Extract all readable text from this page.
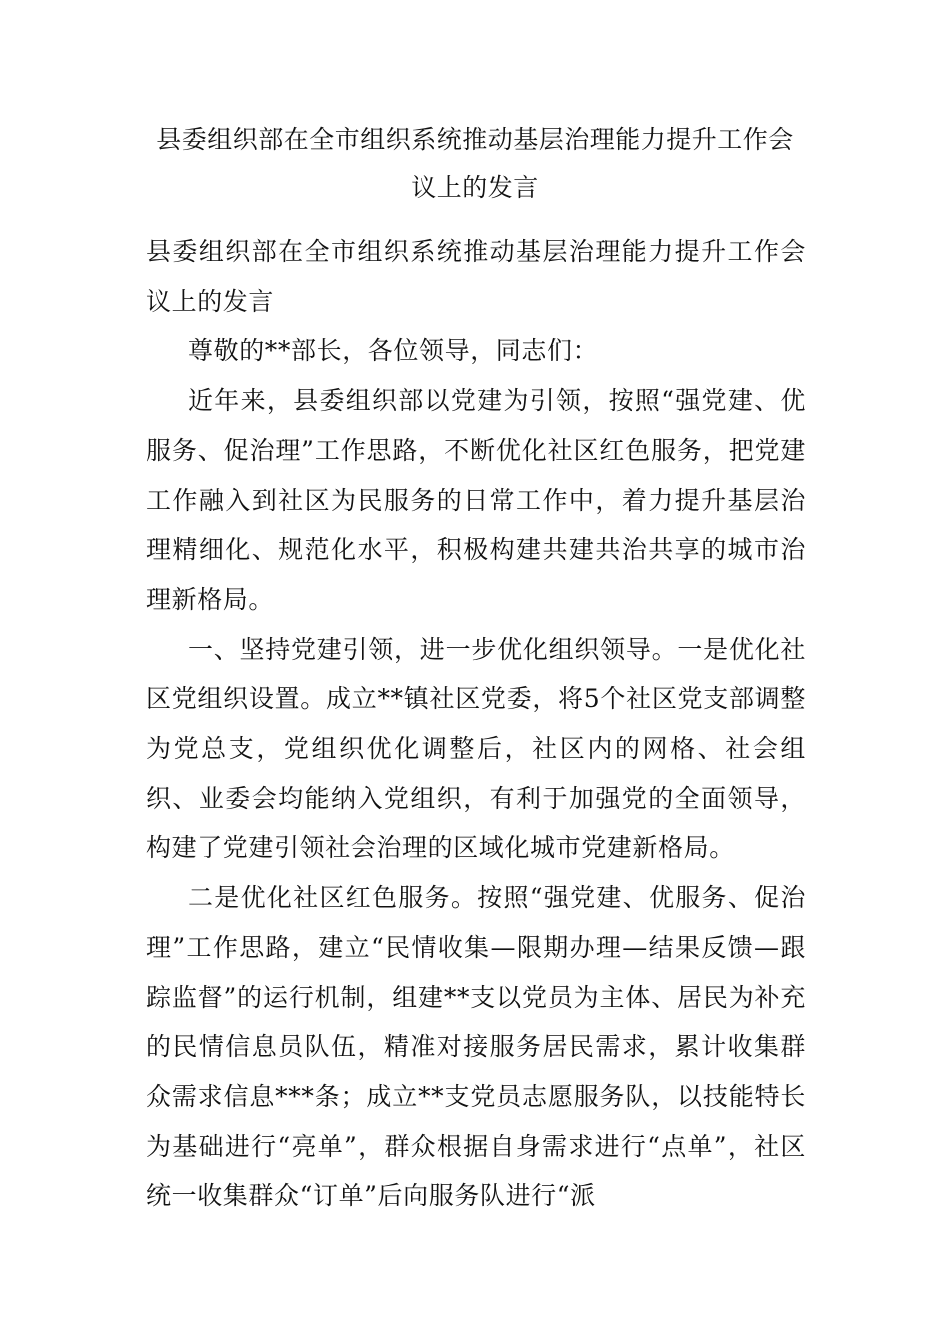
县委组织部在全市组织系统推动基层治理能力提升工作会
议上的发言

县委组织部在全市组织系统推动基层治理能力提升工作会议上的发言

尊敬的**部长，各位领导，同志们：

近年来，县委组织部以党建为引领，按照“强党建、优服务、促治理”工作思路，不断优化社区红色服务，把党建工作融入到社区为民服务的日常工作中，着力提升基层治理精细化、规范化水平，积极构建共建共治共享的城市治理新格局。

一、坚持党建引领，进一步优化组织领导。一是优化社区党组织设置。成立**镇社区党委，将5个社区党支部调整为党总支，党组织优化调整后，社区内的网格、社会组织、业委会均能纳入党组织，有利于加强党的全面领导，构建了党建引领社会治理的区域化城市党建新格局。

二是优化社区红色服务。按照“强党建、优服务、促治理”工作思路，建立“民情收集—限期办理—结果反馈—跟踪监督”的运行机制，组建**支以党员为主体、居民为补充的民情信息员队伍，精准对接服务居民需求，累计收集群众需求信息***条；成立**支党员志愿服务队，以技能特长为基础进行“亮单”，群众根据自身需求进行“点单”，社区统一收集群众“订单”后向服务队进行“派
